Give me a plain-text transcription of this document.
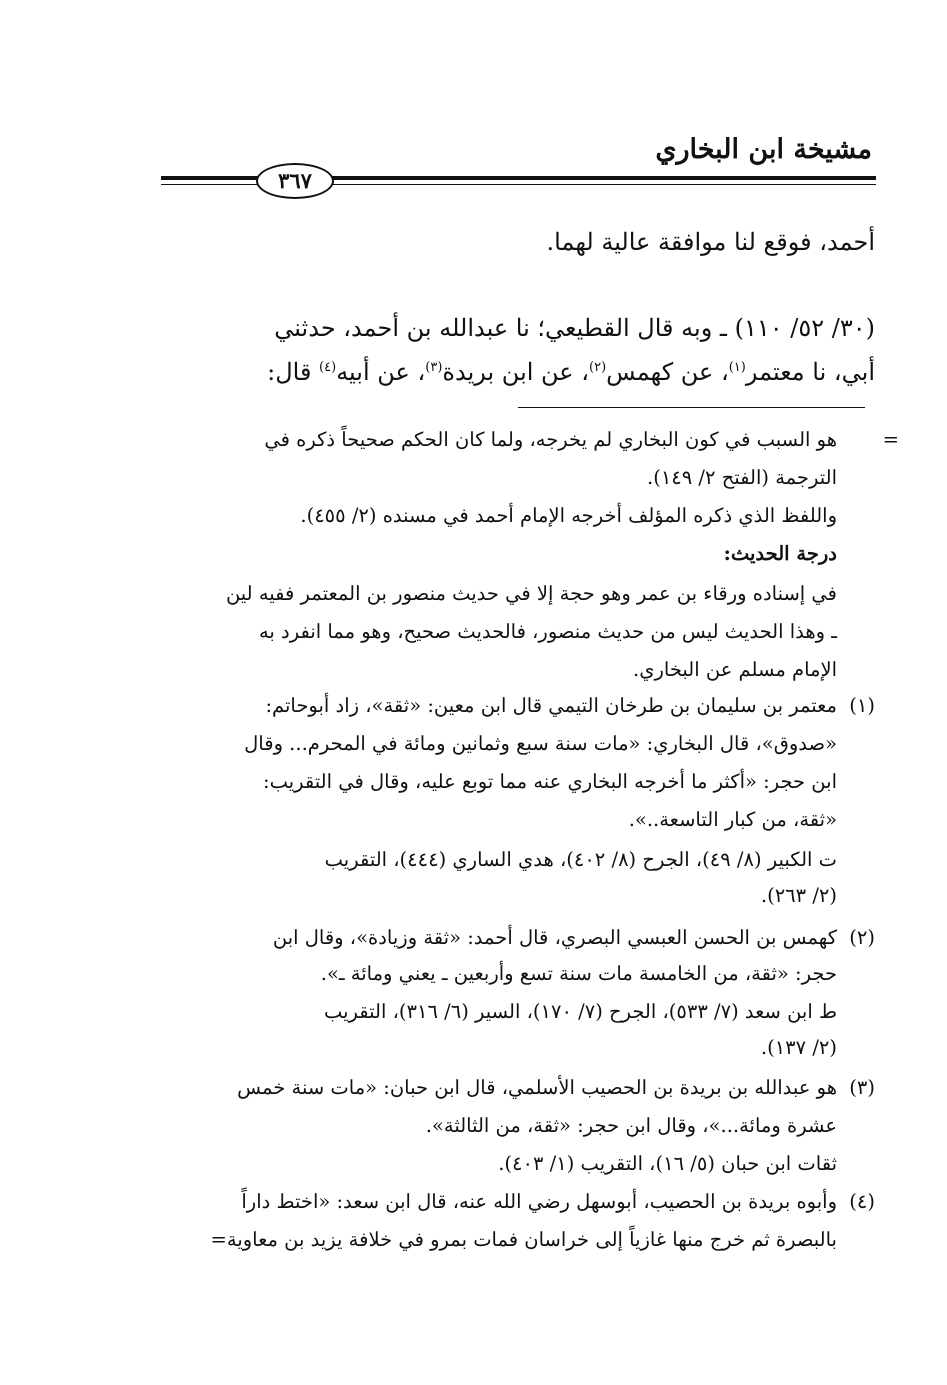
مشيخة ابن البخاري
٣٦٧
أحمد، فوقع لنا موافقة عالية لهما.
(٣٠/ ٥٢/ ١١٠) ـ وبه قال القطيعي؛ نا عبدالله بن أحمد، حدثني
أبي، نا معتمر$^{(١)}$، عن كهمس$^{(٢)}$، عن ابن بريدة$^{(٣)}$، عن أبيه$^{(٤)}$ قال:
=
هو السبب في كون البخاري لم يخرجه، ولما كان الحكم صحيحاً ذكره في
الترجمة (الفتح ٢/ ١٤٩).
واللفظ الذي ذكره المؤلف أخرجه الإمام أحمد في مسنده (٢/ ٤٥٥).
درجة الحديث:
في إسناده ورقاء بن عمر وهو حجة إلا في حديث منصور بن المعتمر ففيه لين
ـ وهذا الحديث ليس من حديث منصور، فالحديث صحيح، وهو مما انفرد به
الإمام مسلم عن البخاري.
(١)
معتمر بن سليمان بن طرخان التيمي قال ابن معين: «ثقة»، زاد أبوحاتم:
«صدوق»، قال البخاري: «مات سنة سبع وثمانين ومائة في المحرم... وقال
ابن حجر: «أكثر ما أخرجه البخاري عنه مما توبع عليه، وقال في التقريب:
«ثقة، من كبار التاسعة..».
ت الكبير (٨/ ٤٩)، الجرح (٨/ ٤٠٢)، هدي الساري (٤٤٤)، التقريب
(٢/ ٢٦٣).
(٢)
كهمس بن الحسن العبسي البصري، قال أحمد: «ثقة وزيادة»، وقال ابن
حجر: «ثقة، من الخامسة مات سنة تسع وأربعين ـ يعني ومائة ـ».
ط ابن سعد (٧/ ٥٣٣)، الجرح (٧/ ١٧٠)، السير (٦/ ٣١٦)، التقريب
(٢/ ١٣٧).
(٣)
هو عبدالله بن بريدة بن الحصيب الأسلمي، قال ابن حبان: «مات سنة خمس
عشرة ومائة...»، وقال ابن حجر: «ثقة، من الثالثة».
ثقات ابن حبان (٥/ ١٦)، التقريب (١/ ٤٠٣).
(٤)
وأبوه بريدة بن الحصيب، أبوسهل رضي الله عنه، قال ابن سعد: «اختط داراً
بالبصرة ثم خرج منها غازياً إلى خراسان فمات بمرو في خلافة يزيد بن معاوية=
